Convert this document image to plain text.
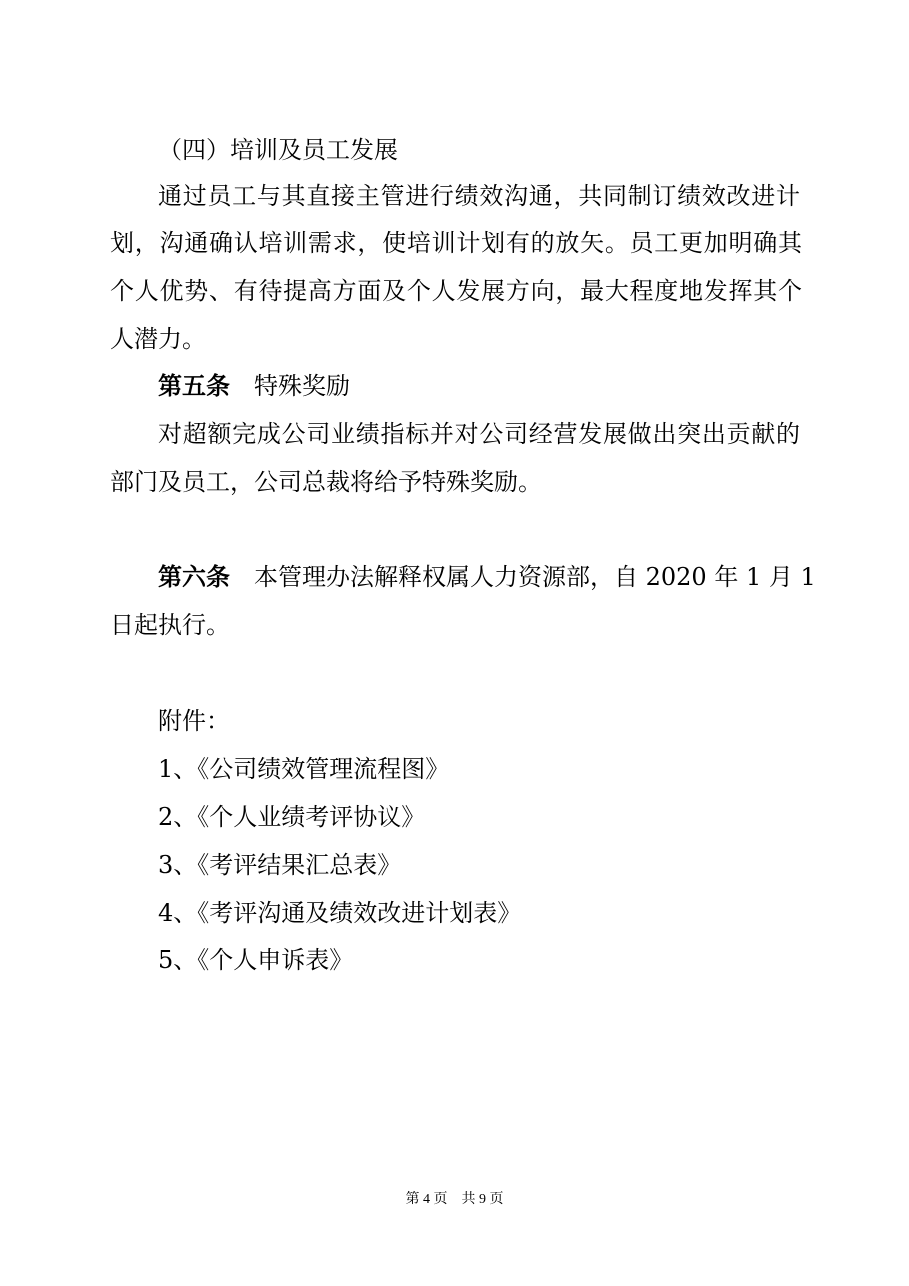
（四）培训及员工发展
通过员工与其直接主管进行绩效沟通，共同制订绩效改进计
划，沟通确认培训需求，使培训计划有的放矢。员工更加明确其
个人优势、有待提高方面及个人发展方向，最大程度地发挥其个
人潜力。
第五条 特殊奖励
对超额完成公司业绩指标并对公司经营发展做出突出贡献的
部门及员工，公司总裁将给予特殊奖励。
第六条 本管理办法解释权属人力资源部，自 2020 年 1 月 1
日起执行。
附件：
1、《公司绩效管理流程图》
2、《个人业绩考评协议》
3、《考评结果汇总表》
4、《考评沟通及绩效改进计划表》
5、《个人申诉表》
第 4 页 共 9 页
